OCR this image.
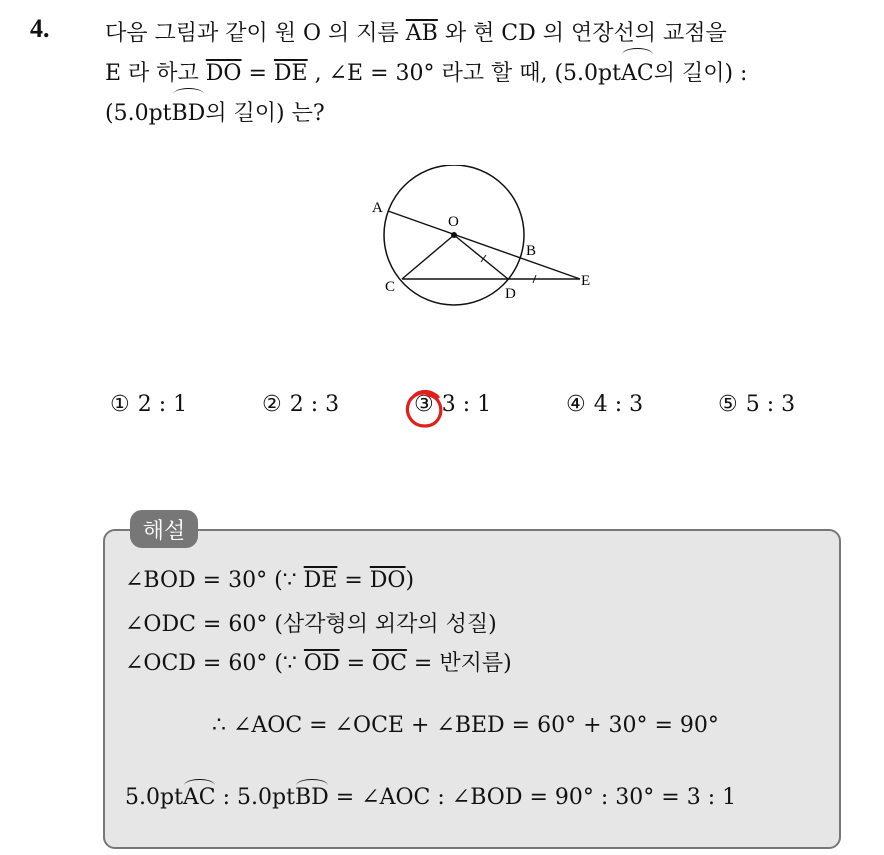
4.	다음 그림과 같이 원 O 의 지름 $\overline{AB}$ 와 현 CD 의 연장선의 교점을

E 라 하고 $\overline{DO} = \overline{DE}$ , ∠E = 30° 라고 할 때, (5.0ptAC의 길이) :

(5.0ptBD의 길이) 는?

A
O
B
C	D
E
① 2 : 1	② 2 : 3	③ 3 : 1	④ 4 : 3	⑤ 5 : 3
해설
∠BOD = 30° (∵ $\overline{DE} = \overline{DO}$)
∠ODC = 60° (삼각형의 외각의 성질)
∠OCD = 60° (∵ $\overline{OD} = \overline{OC}$ = 반지름)
∴ ∠AOC = ∠OCE + ∠BED = 60° + 30° = 90°
5.0ptAC : 5.0ptBD = ∠AOC : ∠BOD = 90° : 30° = 3 : 1
